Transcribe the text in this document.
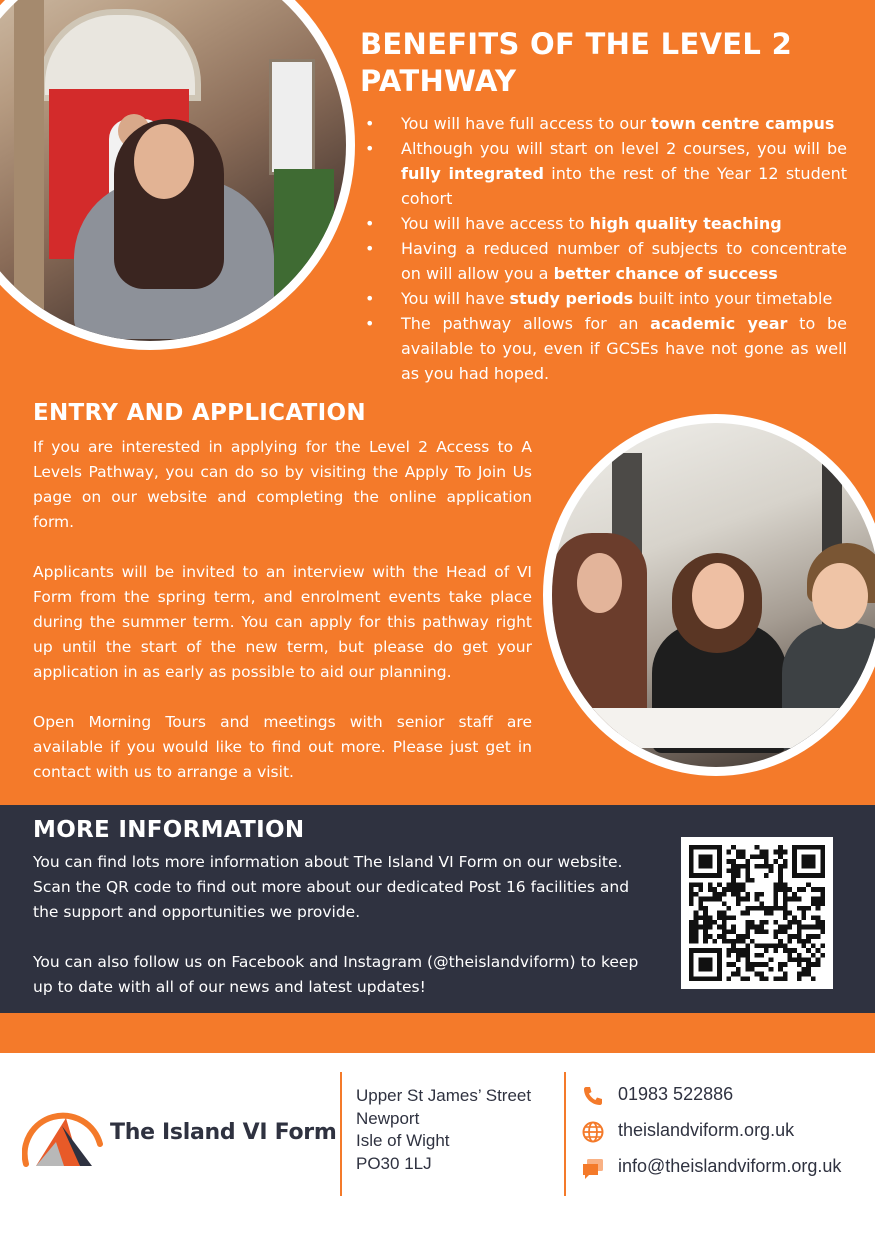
BENEFITS OF THE LEVEL 2 PATHWAY
• You will have full access to our town centre campus
• Although you will start on level 2 courses, you will be fully integrated into the rest of the Year 12 student cohort
• You will have access to high quality teaching
• Having a reduced number of subjects to concentrate on will allow you a better chance of success
• You will have study periods built into your timetable
• The pathway allows for an academic year to be available to you, even if GCSEs have not gone as well as you had hoped.
ENTRY AND APPLICATION

If you are interested in applying for the Level 2 Access to A Levels Pathway, you can do so by visiting the Apply To Join Us page on our website and completing the online application form.

Applicants will be invited to an interview with the Head of VI Form from the spring term, and enrolment events take place during the summer term. You can apply for this pathway right up until the start of the new term, but please do get your application in as early as possible to aid our planning.

Open Morning Tours and meetings with senior staff are available if you would like to find out more. Please just get in contact with us to arrange a visit.

MORE INFORMATION

You can find lots more information about The Island VI Form on our website. Scan the QR code to find out more about our dedicated Post 16 facilities and the support and opportunities we provide.

You can also follow us on Facebook and Instagram (@theislandviform) to keep up to date with all of our news and latest updates!

The Island VI Form
Upper St James’ Street
Newport
Isle of Wight
PO30 1LJ
01983 522886
theislandviform.org.uk
info@theislandviform.org.uk
